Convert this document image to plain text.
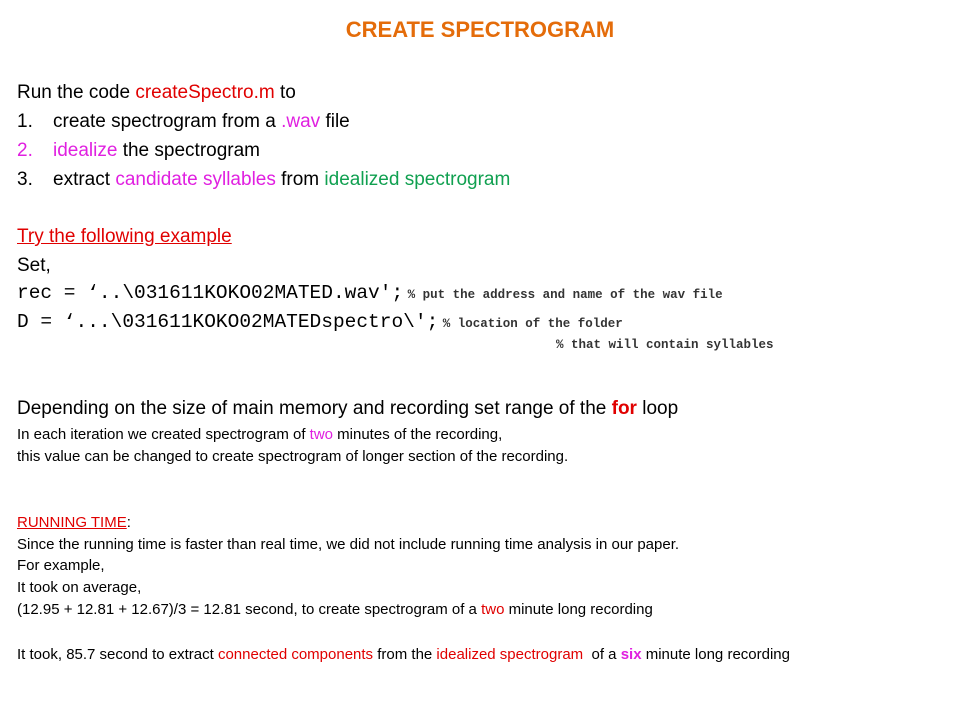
CREATE SPECTROGRAM
Run the code createSpectro.m to
1. create spectrogram from a .wav file
2. idealize the spectrogram
3. extract candidate syllables from idealized spectrogram
Try the following example
Set,
rec = ‘..\031611KOKO02MATED.wav'; % put the address and name of the wav file
D = ‘...\031611KOKO02MATEDspectro\'; % location of the folder
% that will contain syllables
Depending on the size of main memory and recording set range of the for loop
In each iteration we created spectrogram of two minutes of the recording,
this value can be changed to create spectrogram of longer section of the recording.
RUNNING TIME:
Since the running time is faster than real time, we did not include running time analysis in our paper.
For example,
It took on average,
(12.95 + 12.81 + 12.67)/3 = 12.81 second, to create spectrogram of a two minute long recording
It took, 85.7 second to extract connected components from the idealized spectrogram  of a six minute long recording
